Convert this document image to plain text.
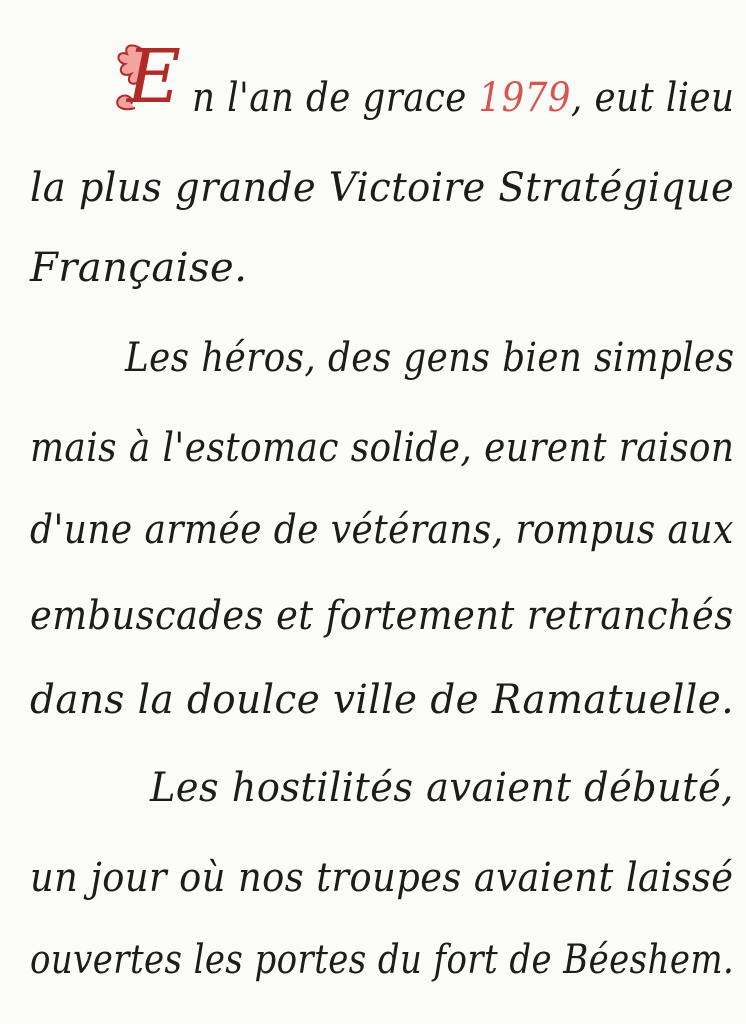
E n l'an de grace 1979, eut lieu
la plus grande Victoire Stratégique
Française.
Les héros, des gens bien simples
mais à l'estomac solide, eurent raison
d'une armée de vétérans, rompus aux
embuscades et fortement retranchés
dans la doulce ville de Ramatuelle.
Les hostilités avaient débuté,
un jour où nos troupes avaient laissé
ouvertes les portes du fort de Béeshem.
